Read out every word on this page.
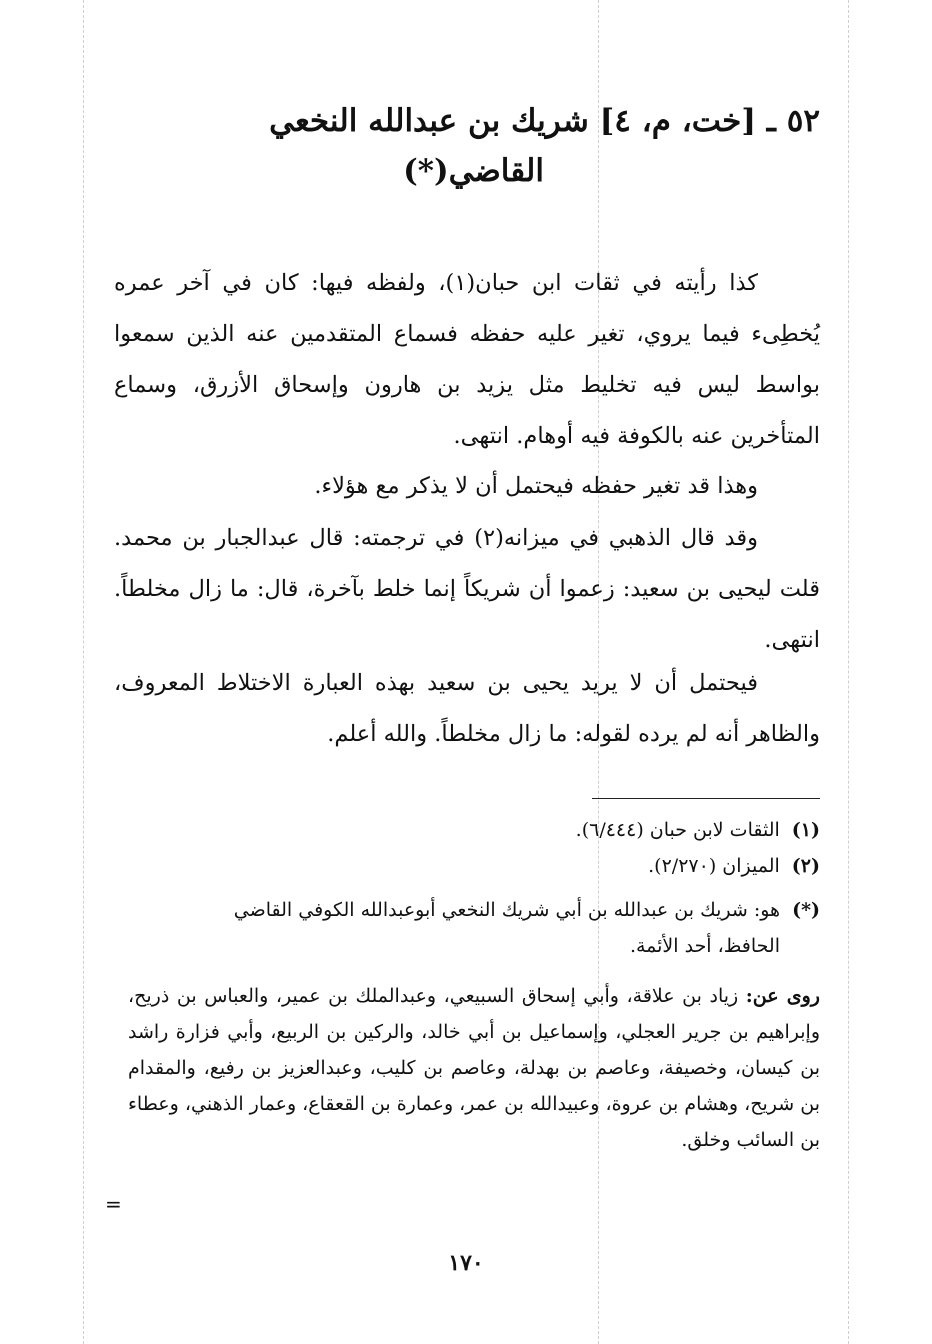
٥٢ ـ [خت، م، ٤] شريك بن عبدالله النخعي
القاضي(*)

كذا رأيته في ثقات ابن حبان(١)، ولفظه فيها: كان في آخر عمره يُخطِىء فيما يروي، تغير عليه حفظه فسماع المتقدمين عنه الذين سمعوا بواسط ليس فيه تخليط مثل يزيد بن هارون وإسحاق الأزرق، وسماع المتأخرين عنه بالكوفة فيه أوهام. انتهى.

وهذا قد تغير حفظه فيحتمل أن لا يذكر مع هؤلاء.

وقد قال الذهبي في ميزانه(٢) في ترجمته: قال عبدالجبار بن محمد. قلت ليحيى بن سعيد: زعموا أن شريكاً إنما خلط بآخرة، قال: ما زال مخلطاً. انتهى.

فيحتمل أن لا يريد يحيى بن سعيد بهذه العبارة الاختلاط المعروف، والظاهر أنه لم يرده لقوله: ما زال مخلطاً. والله أعلم.

(١)الثقات لابن حبان (٦/٤٤٤).

(٢)الميزان (٢/٢٧٠).

(*)هو: شريك بن عبدالله بن أبي شريك النخعي أبوعبدالله الكوفي القاضي
الحافظ، أحد الأئمة.

روى عن: زياد بن علاقة، وأبي إسحاق السبيعي، وعبدالملك بن عمير، والعباس بن ذريح، وإبراهيم بن جرير العجلي، وإسماعيل بن أبي خالد، والركين بن الربيع، وأبي فزارة راشد بن كيسان، وخصيفة، وعاصم بن بهدلة، وعاصم بن كليب، وعبدالعزيز بن رفيع، والمقدام بن شريح، وهشام بن عروة، وعبيدالله بن عمر، وعمارة بن القعقاع، وعمار الذهني، وعطاء بن السائب وخلق.

=
١٧٠
